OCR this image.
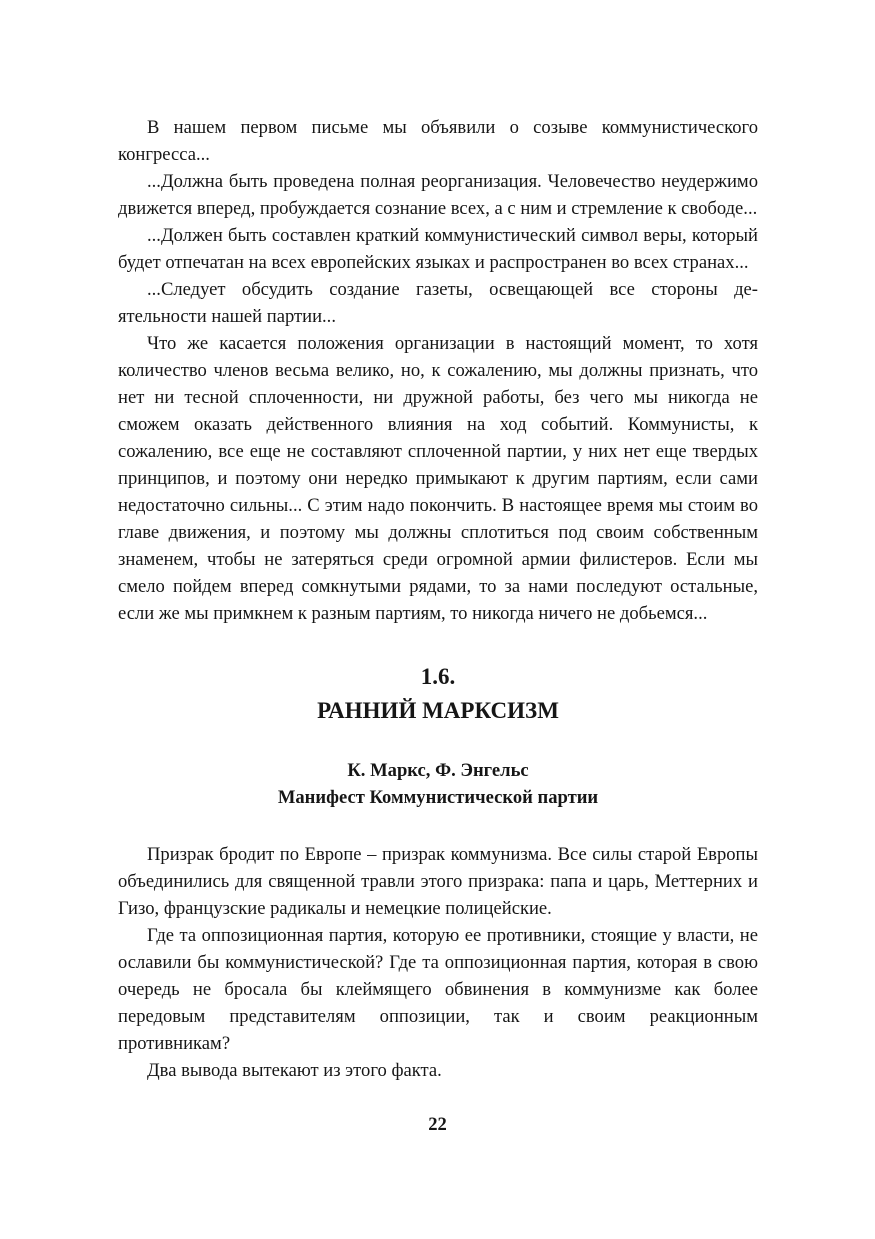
В нашем первом письме мы объявили о созыве коммунистического конгресса...

...Должна быть проведена полная реорганизация. Человечество неудержимо движется вперед, пробуждается сознание всех, а с ним и стремление к свободе...

...Должен быть составлен краткий коммунистический символ веры, который будет отпечатан на всех европейских языках и распространен во всех странах...

...Следует обсудить создание газеты, освещающей все стороны деятельности нашей партии...

Что же касается положения организации в настоящий момент, то хотя количество членов весьма велико, но, к сожалению, мы должны признать, что нет ни тесной сплоченности, ни дружной работы, без чего мы никогда не сможем оказать действенного влияния на ход событий. Коммунисты, к сожалению, все еще не составляют сплоченной партии, у них нет еще твердых принципов, и поэтому они нередко примыкают к другим партиям, если сами недостаточно сильны... С этим надо покончить. В настоящее время мы стоим во главе движения, и поэтому мы должны сплотиться под своим собственным знаменем, чтобы не затеряться среди огромной армии филистеров. Если мы смело пойдем вперед сомкнутыми рядами, то за нами последуют остальные, если же мы примкнем к разным партиям, то никогда ничего не добьемся...

1.6.
РАННИЙ МАРКСИЗМ
К. Маркс, Ф. Энгельс
Манифест Коммунистической партии

Призрак бродит по Европе – призрак коммунизма. Все силы старой Европы объединились для священной травли этого призрака: папа и царь, Меттерних и Гизо, французские радикалы и немецкие полицейские.

Где та оппозиционная партия, которую ее противники, стоящие у власти, не ославили бы коммунистической? Где та оппозиционная партия, которая в свою очередь не бросала бы клеймящего обвинения в коммунизме как более передовым представителям оппозиции, так и своим реакционным противникам?

Два вывода вытекают из этого факта.

22
